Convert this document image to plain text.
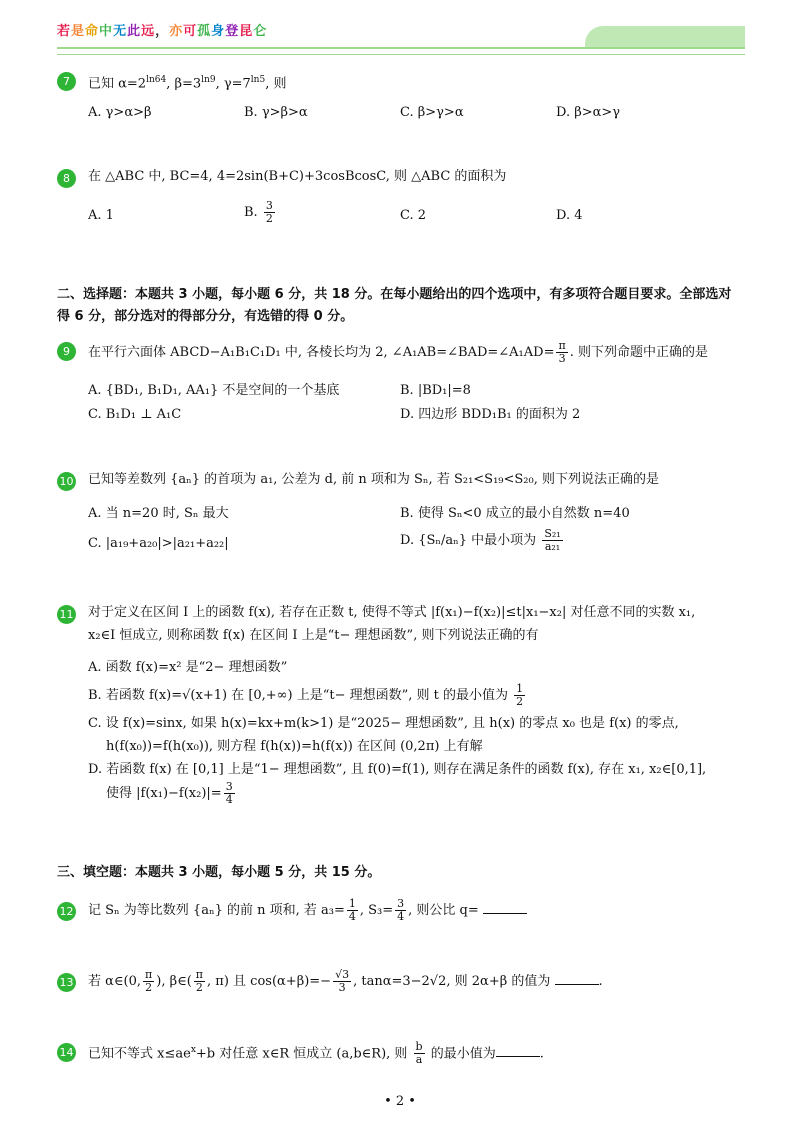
若是命中无此远，亦可孤身登昆仑
7	已知 $\alpha=2^{ln64}$, $\beta=3^{ln9}$, $\gamma=7^{ln5}$, 则
A. γ>α>β	B. γ>β>α	C. β>γ>α	D. β>α>γ
8	在 △ABC 中, BC=4, 4=2sin(B+C)+3cosBcosC, 则 △ABC 的面积为
A. 1	B. $\frac{3}{2}$	C. 2	D. 4
二、选择题：本题共 3 小题，每小题 6 分，共 18 分。在每小题给出的四个选项中，有多项符合题目要求。全部选对
得 6 分，部分选对的得部分分，有选错的得 0 分。
9	在平行六面体 ABCD−A₁B₁C₁D₁ 中, 各棱长均为 2, ∠A₁AB=∠BAD=∠A₁AD= $\frac{\pi}{3}$ . 则下列命题中正确的是
A. {BD₁, B₁D₁, AA₁} 不是空间的一个基底	B. |BD₁|=8
C. B₁D₁ ⊥ A₁C	D. 四边形 BDD₁B₁ 的面积为 2
10 已知等差数列 {aₙ} 的首项为 a₁, 公差为 d, 前 n 项和为 Sₙ, 若 S₂₁<S₁₉<S₂₀, 则下列说法正确的是
A. 当 n=20 时, Sₙ 最大	B. 使得 Sₙ<0 成立的最小自然数 n=40
C. |a₁₉+a₂₀|>|a₂₁+a₂₂|	D. {Sₙ/aₙ} 中最小项为 $\frac{\text{S₂₁}}{\text{a₂₁}}$
11 对于定义在区间 I 上的函数 f(x), 若存在正数 t, 使得不等式 |f(x₁)−f(x₂)|≤t|x₁−x₂| 对任意不同的实数 x₁,
x₂∈I 恒成立, 则称函数 f(x) 在区间 I 上是“t− 理想函数”, 则下列说法正确的有
A. 函数 f(x)=x² 是“2− 理想函数”
B. 若函数 f(x)=√(x+1) 在 [0,+∞) 上是“t− 理想函数”, 则 t 的最小值为 $\frac{1}{2}$
C. 设 f(x)=sinx, 如果 h(x)=kx+m(k>1) 是“2025− 理想函数”, 且 h(x) 的零点 x₀ 也是 f(x) 的零点,
h(f(x₀))=f(h(x₀)), 则方程 f(h(x))=h(f(x)) 在区间 (0,2π) 上有解
D. 若函数 f(x) 在 [0,1] 上是“1− 理想函数”, 且 f(0)=f(1), 则存在满足条件的函数 f(x), 存在 x₁, x₂∈[0,1],
使得 $|f(x_1)-f(x_2)|= \frac{3}{4}$
三、填空题：本题共 3 小题，每小题 5 分，共 15 分。
12 记 Sₙ 为等比数列 {aₙ} 的前 n 项和, 若 $a_3= \frac{1}{4}$ , $S_3= \frac{3}{4}$ , 则公比 q=
13 若 α∈(0, $\frac{\pi}{2}$ ), β∈( $\frac{\pi}{2}$ , π) 且 $\cos(\alpha+\beta)=- \frac{√3}{3}$ , tanα=3−2√2, 则 2α+β 的值为	.
14 已知不等式 $x\le ae^x+b$ 对任意 x∈R 恒成立 (a,b∈R), 则 $\frac{b}{a}$ 的最小值为	.
• 2 •
